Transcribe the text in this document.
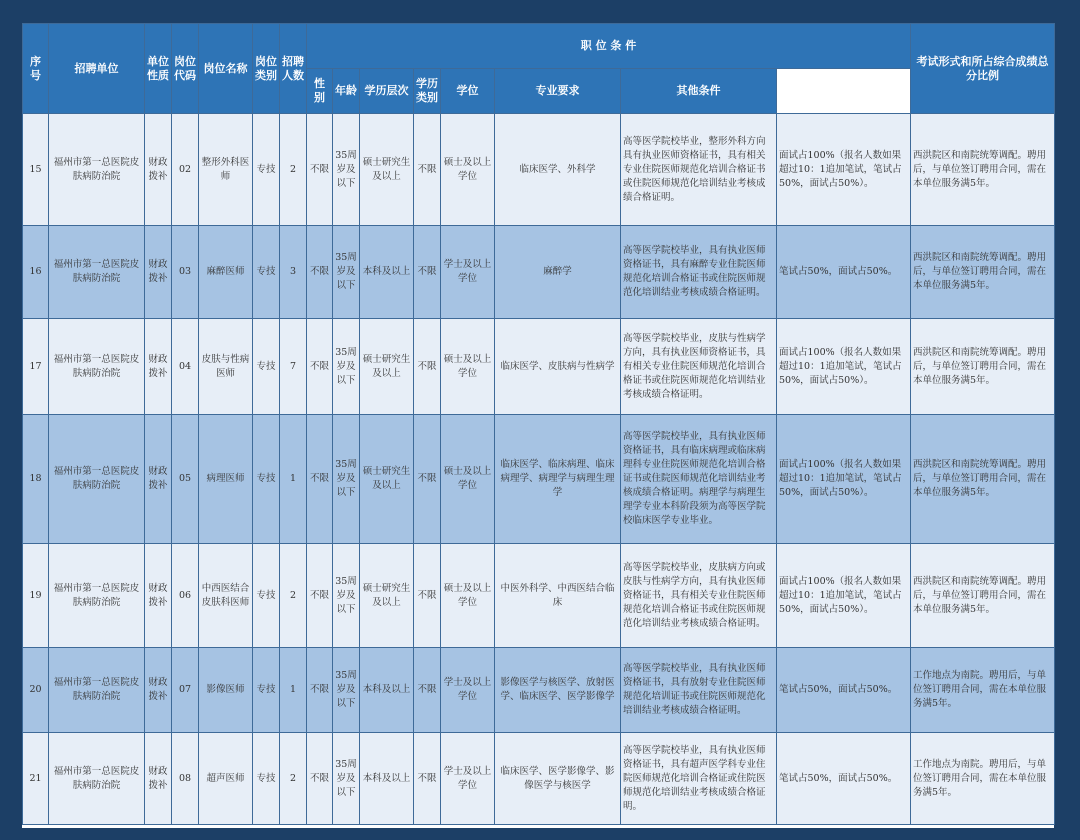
序号	招聘单位	单位性质	岗位代码	岗位名称	岗位类别	招聘人数	职 位 条 件								考试形式和所占综合成绩总分比例	
							性别	年龄	学历层次	学历类别	学位	专业要求	其他条件			
15	福州市第一总医院皮肤病防治院	财政拨补	02	整形外科医师	专技	2	不限	35周岁及以下	硕士研究生及以上	不限	硕士及以上学位	临床医学、外科学	高等医学院校毕业，整形外科方向具有执业医师资格证书，具有相关专业住院医师规范化培训合格证书或住院医师规范化培训结业考核成绩合格证明。	面试占100%（报名人数如果超过10：1追加笔试，笔试占50%，面试占50%）。	西洪院区和南院统筹调配。聘用后，与单位签订聘用合同，需在本单位服务满5年。	
16	福州市第一总医院皮肤病防治院	财政拨补	03	麻醉医师	专技	3	不限	35周岁及以下	本科及以上	不限	学士及以上学位	麻醉学	高等医学院校毕业，具有执业医师资格证书，具有麻醉专业住院医师规范化培训合格证书或住院医师规范化培训结业考核成绩合格证明。	笔试占50%，面试占50%。	西洪院区和南院统筹调配。聘用后，与单位签订聘用合同，需在本单位服务满5年。	
17	福州市第一总医院皮肤病防治院	财政拨补	04	皮肤与性病医师	专技	7	不限	35周岁及以下	硕士研究生及以上	不限	硕士及以上学位	临床医学、皮肤病与性病学	高等医学院校毕业，皮肤与性病学方向，具有执业医师资格证书，具有相关专业住院医师规范化培训合格证书或住院医师规范化培训结业考核成绩合格证明。	面试占100%（报名人数如果超过10：1追加笔试，笔试占50%，面试占50%）。	西洪院区和南院统筹调配。聘用后，与单位签订聘用合同，需在本单位服务满5年。	
18	福州市第一总医院皮肤病防治院	财政拨补	05	病理医师	专技	1	不限	35周岁及以下	硕士研究生及以上	不限	硕士及以上学位	临床医学、临床病理、临床病理学、病理学与病理生理学	高等医学院校毕业，具有执业医师资格证书，具有临床病理或临床病理科专业住院医师规范化培训合格证书或住院医师规范化培训结业考核成绩合格证明。病理学与病理生理学专业本科阶段须为高等医学院校临床医学专业毕业。	面试占100%（报名人数如果超过10：1追加笔试，笔试占50%，面试占50%）。	西洪院区和南院统筹调配。聘用后，与单位签订聘用合同，需在本单位服务满5年。	
19	福州市第一总医院皮肤病防治院	财政拨补	06	中西医结合皮肤科医师	专技	2	不限	35周岁及以下	硕士研究生及以上	不限	硕士及以上学位	中医外科学、中西医结合临床	高等医学院校毕业，皮肤病方向或皮肤与性病学方向，具有执业医师资格证书，具有相关专业住院医师规范化培训合格证书或住院医师规范化培训结业考核成绩合格证明。	面试占100%（报名人数如果超过10：1追加笔试，笔试占50%，面试占50%）。	西洪院区和南院统筹调配。聘用后，与单位签订聘用合同，需在本单位服务满5年。	
20	福州市第一总医院皮肤病防治院	财政拨补	07	影像医师	专技	1	不限	35周岁及以下	本科及以上	不限	学士及以上学位	影像医学与核医学、放射医学、临床医学、医学影像学	高等医学院校毕业，具有执业医师资格证书，具有放射专业住院医师规范化培训证书或住院医师规范化培训结业考核成绩合格证明。	笔试占50%，面试占50%。	工作地点为南院。聘用后，与单位签订聘用合同，需在本单位服务满5年。	
21	福州市第一总医院皮肤病防治院	财政拨补	08	超声医师	专技	2	不限	35周岁及以下	本科及以上	不限	学士及以上学位	临床医学、医学影像学、影像医学与核医学	高等医学院校毕业，具有执业医师资格证书，具有超声医学科专业住院医师规范化培训合格证或住院医师规范化培训结业考核成绩合格证明。	笔试占50%，面试占50%。	工作地点为南院。聘用后，与单位签订聘用合同，需在本单位服务满5年。	
